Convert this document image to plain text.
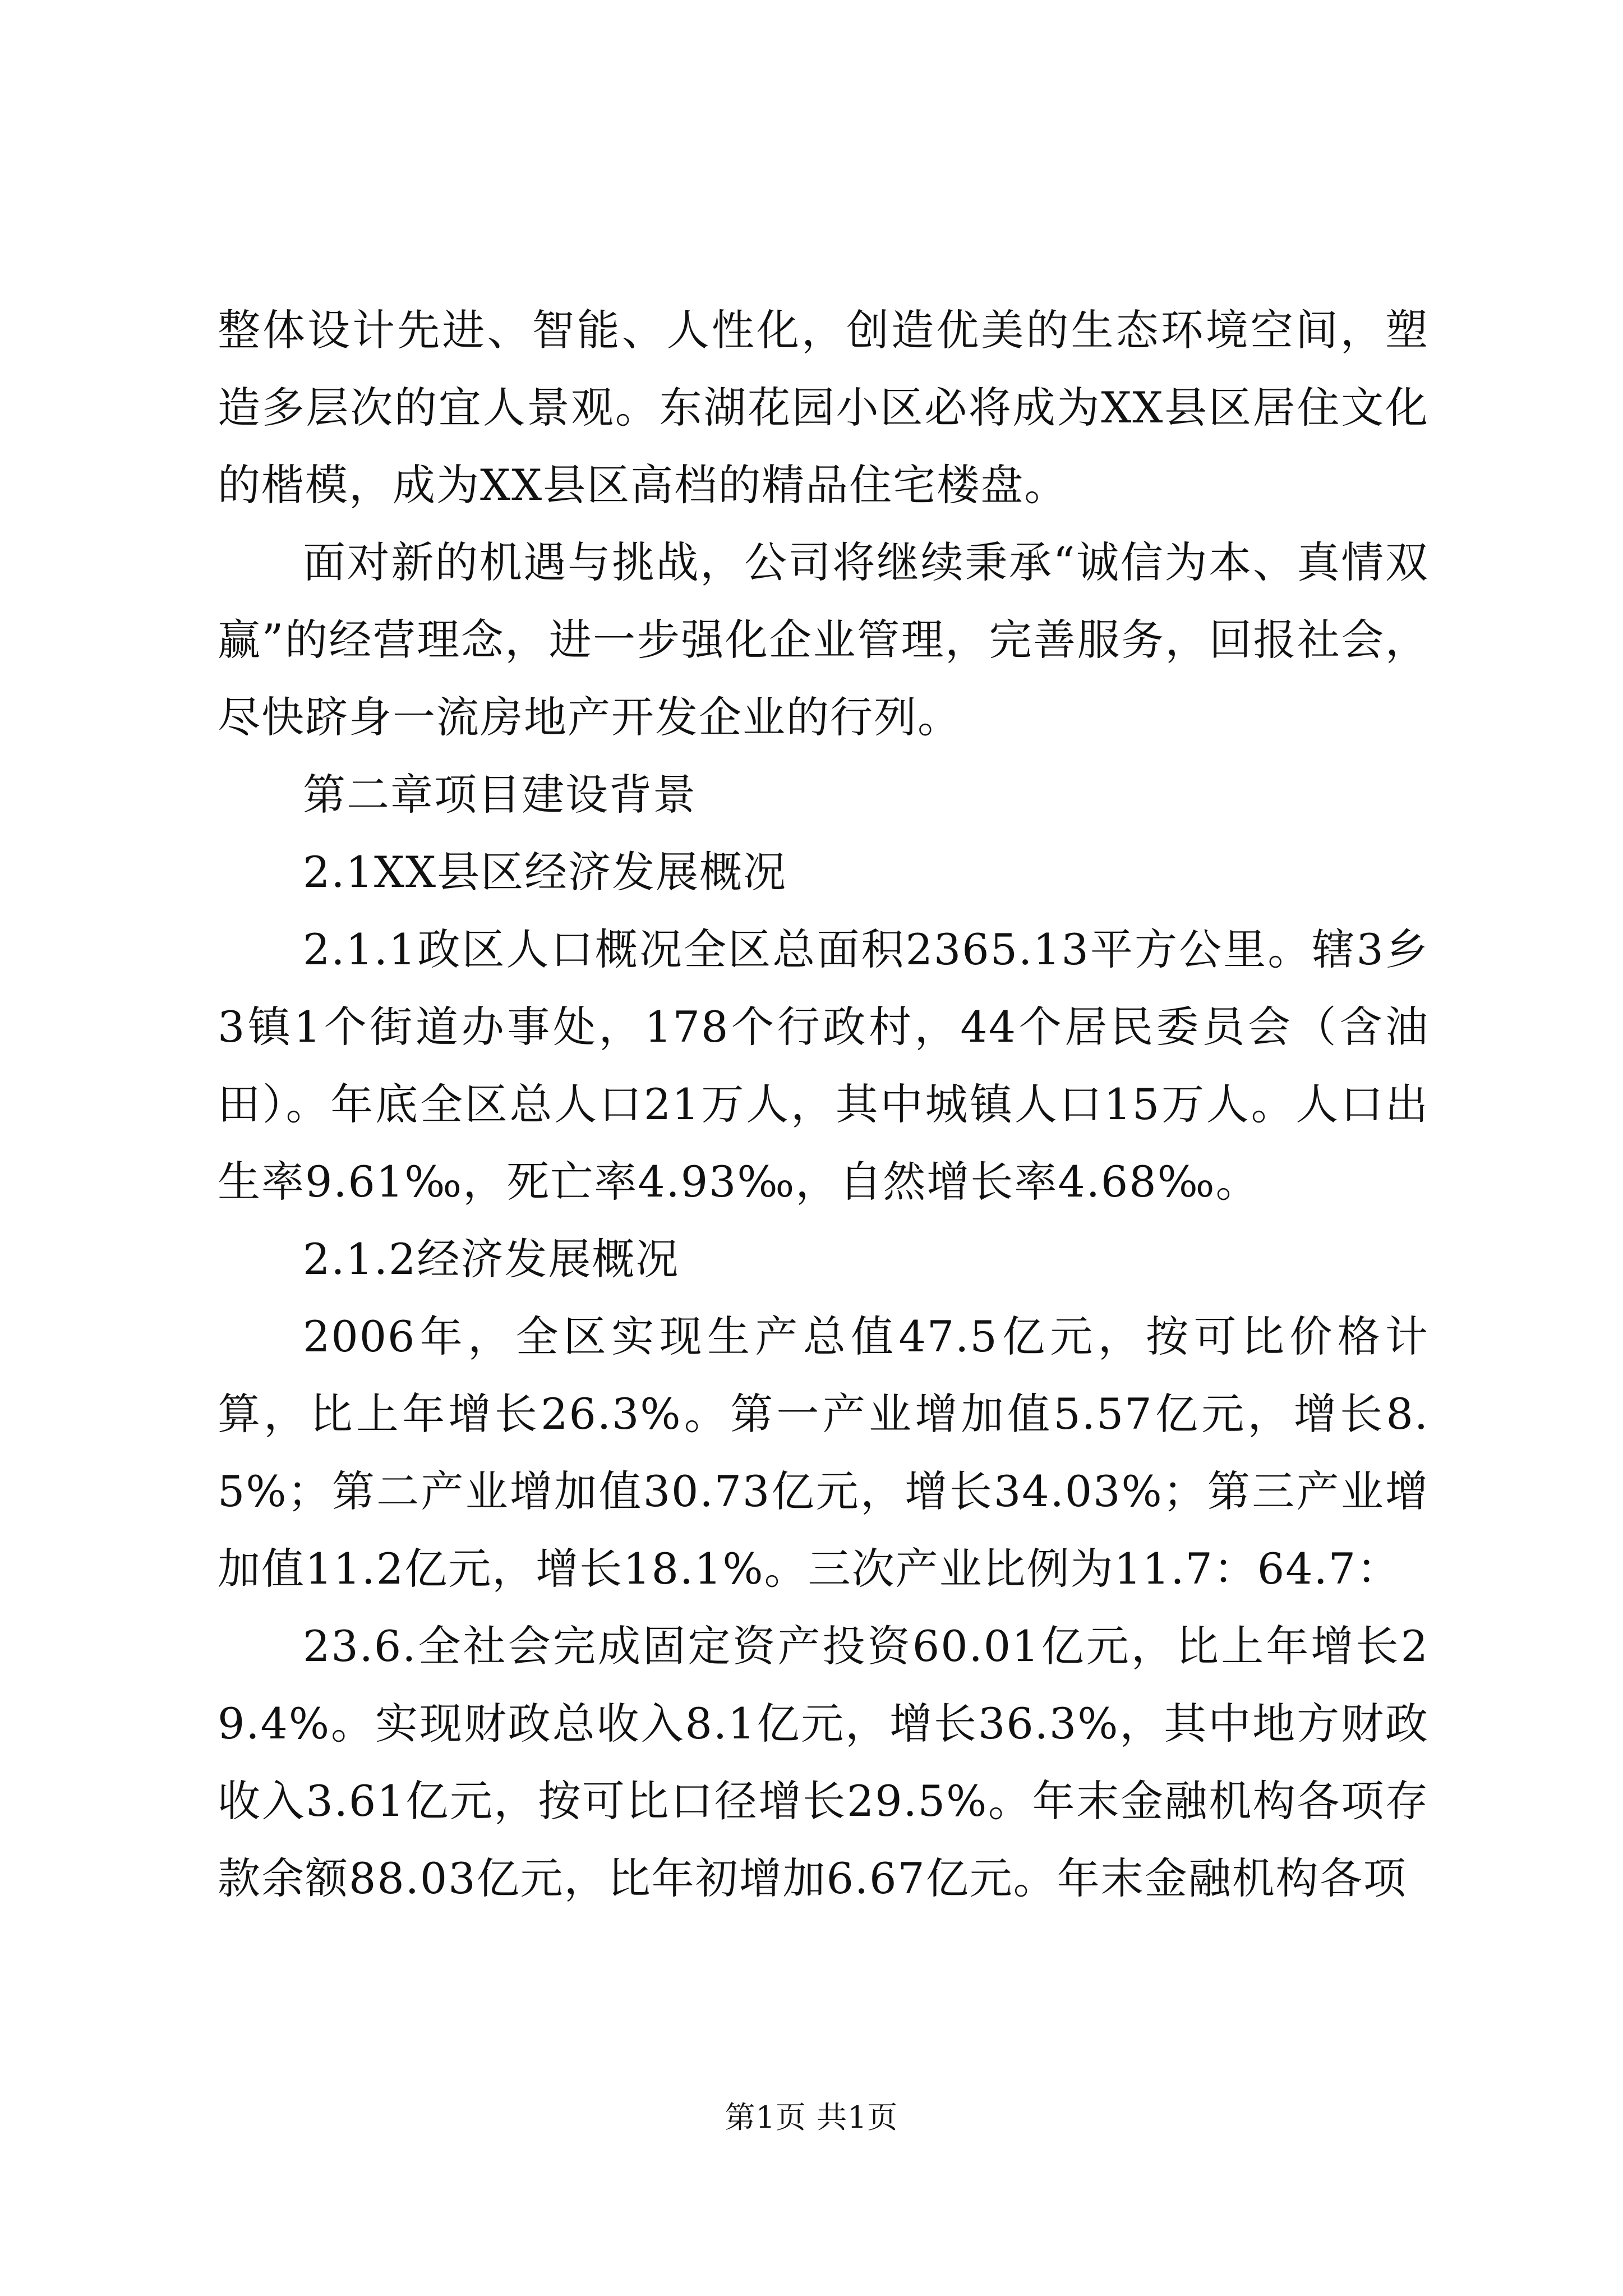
整体设计先进、智能、人性化，创造优美的生态环境空间，塑造多层次的宜人景观。东湖花园小区必将成为XX县区居住文化的楷模，成为XX县区高档的精品住宅楼盘。

面对新的机遇与挑战，公司将继续秉承“诚信为本、真情双赢”的经营理念，进一步强化企业管理，完善服务，回报社会，尽快跻身一流房地产开发企业的行列。

第二章项目建设背景

2.1XX县区经济发展概况

2.1.1政区人口概况全区总面积2365.13平方公里。辖3乡3镇1个街道办事处，178个行政村，44个居民委员会（含油田）。年底全区总人口21万人，其中城镇人口15万人。人口出生率9.61‰，死亡率4.93‰，自然增长率4.68‰。

2.1.2经济发展概况

2006年，全区实现生产总值47.5亿元，按可比价格计算，比上年增长26.3%。第一产业增加值5.57亿元，增长8.5%；第二产业增加值30.73亿元，增长34.03%；第三产业增加值11.2亿元，增长18.1%。三次产业比例为11.7：64.7：

23.6.全社会完成固定资产投资60.01亿元，比上年增长29.4%。实现财政总收入8.1亿元，增长36.3%，其中地方财政收入3.61亿元，按可比口径增长29.5%。年末金融机构各项存款余额88.03亿元，比年初增加6.67亿元。年末金融机构各项

第1页 共1页
